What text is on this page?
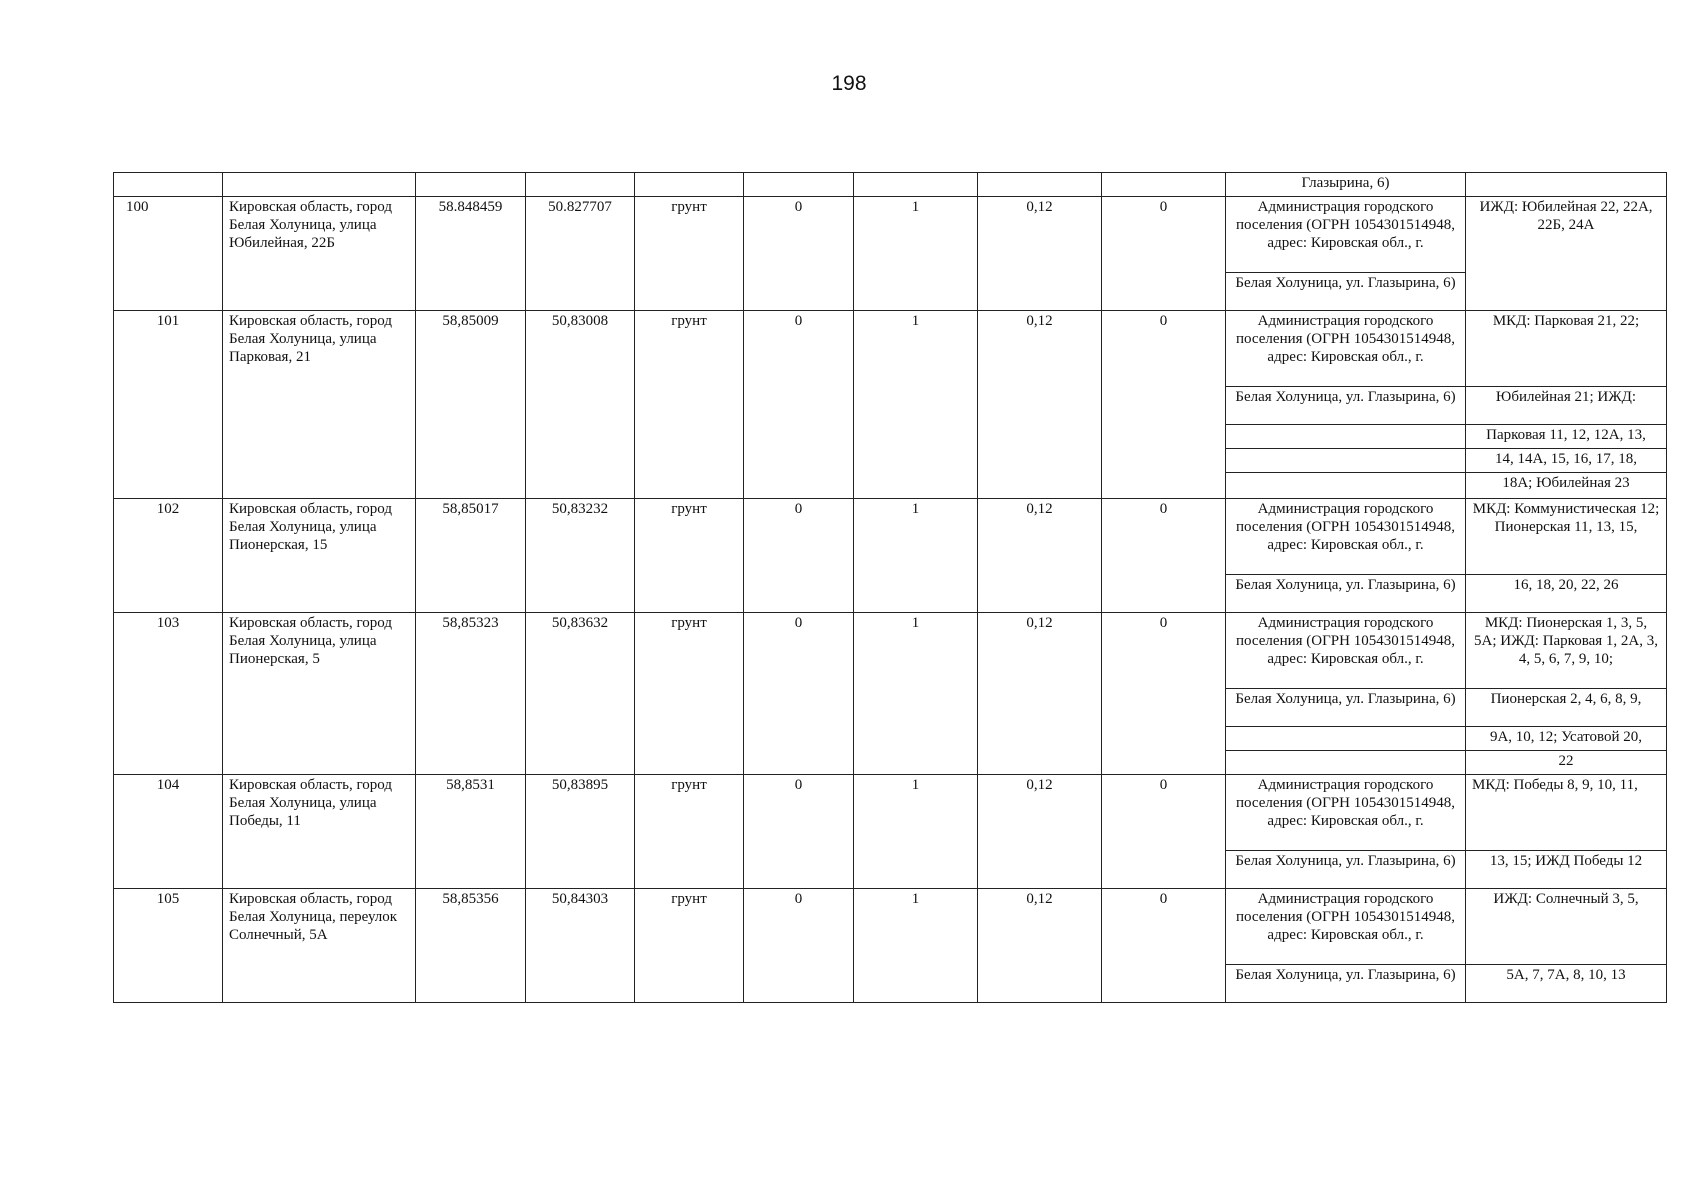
198
									Глазырина, 6)	
100	Кировская область, город Белая Холуница, улица Юбилейная, 22Б	58.848459	50.827707	грунт	0	1	0,12	0	Администрация городского поселения (ОГРН 1054301514948, адрес: Кировская обл., г.	ИЖД: Юбилейная 22, 22А, 22Б, 24А
									Белая Холуница, ул. Глазырина, 6)	
101	Кировская область, город Белая Холуница, улица Парковая, 21	58,85009	50,83008	грунт	0	1	0,12	0	Администрация городского поселения (ОГРН 1054301514948, адрес: Кировская обл., г.	МКД: Парковая 21, 22;
									Белая Холуница, ул. Глазырина, 6)	Юбилейная 21; ИЖД:
										Парковая 11, 12, 12А, 13,
										14, 14А, 15, 16, 17, 18,
										18А; Юбилейная 23
102	Кировская область, город Белая Холуница, улица Пионерская, 15	58,85017	50,83232	грунт	0	1	0,12	0	Администрация городского поселения (ОГРН 1054301514948, адрес: Кировская обл., г.	МКД: Коммунистическая 12; Пионерская 11, 13, 15,
									Белая Холуница, ул. Глазырина, 6)	16, 18, 20, 22, 26
103	Кировская область, город Белая Холуница, улица Пионерская, 5	58,85323	50,83632	грунт	0	1	0,12	0	Администрация городского поселения (ОГРН 1054301514948, адрес: Кировская обл., г.	МКД: Пионерская 1, 3, 5, 5А; ИЖД: Парковая 1, 2А, 3, 4, 5, 6, 7, 9, 10;
									Белая Холуница, ул. Глазырина, 6)	Пионерская 2, 4, 6, 8, 9,
										9А, 10, 12; Усатовой 20,
										22
104	Кировская область, город Белая Холуница, улица Победы, 11	58,8531	50,83895	грунт	0	1	0,12	0	Администрация городского поселения (ОГРН 1054301514948, адрес: Кировская обл., г.	МКД: Победы 8, 9, 10, 11,
									Белая Холуница, ул. Глазырина, 6)	13, 15; ИЖД Победы 12
105	Кировская область, город Белая Холуница, переулок Солнечный, 5А	58,85356	50,84303	грунт	0	1	0,12	0	Администрация городского поселения (ОГРН 1054301514948, адрес: Кировская обл., г.	ИЖД: Солнечный 3, 5,
									Белая Холуница, ул. Глазырина, 6)	5А, 7, 7А, 8, 10, 13
